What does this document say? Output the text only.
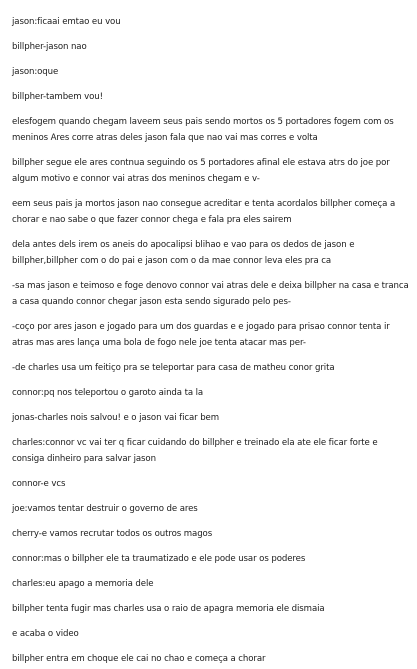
jason:ficaai emtao eu vou

billpher-jason nao

jason:oque

billpher-tambem vou!

elesfogem quando chegam laveem seus pais sendo mortos os 5 portadores fogem com os meninos Ares corre atras deles jason fala que nao vai mas corres e volta

billpher segue ele ares contnua seguindo os 5 portadores afinal ele estava atrs do joe por algum motivo e connor vai atras dos meninos chegam e v-

eem seus pais ja mortos jason nao consegue acreditar e tenta acordalos billpher começa a chorar e nao sabe o que fazer connor chega e fala pra eles sairem

dela antes dels irem os aneis do apocalipsi blihao e vao para os dedos de jason e billpher,billpher com o do pai e jason com o da mae connor leva eles pra ca

-sa mas jason e teimoso e foge denovo connor vai atras dele e deixa billpher na casa e tranca a casa quando connor chegar jason esta sendo sigurado pelo pes-

-coço por ares jason e jogado para um dos guardas e e jogado para prisao connor tenta ir atras mas ares lança uma bola de fogo nele joe tenta atacar mas per-

-de charles usa um feitiço pra se teleportar para casa de matheu conor grita

connor:pq nos teleportou o garoto ainda ta la

jonas-charles nois salvou! e o jason vai ficar bem

charles:connor vc vai ter q ficar cuidando do billpher e treinado ela ate ele ficar forte e consiga dinheiro para salvar jason

connor-e vcs

joe:vamos tentar destruir o governo de ares

cherry-e vamos recrutar todos os outros magos

connor:mas o billpher ele ta traumatizado e ele pode usar os poderes

charles:eu apago a memoria dele

billpher tenta fugir mas charles usa o raio de apagra memoria ele dismaia

e acaba o video

billpher entra em choque ele cai no chao e começa a chorar
